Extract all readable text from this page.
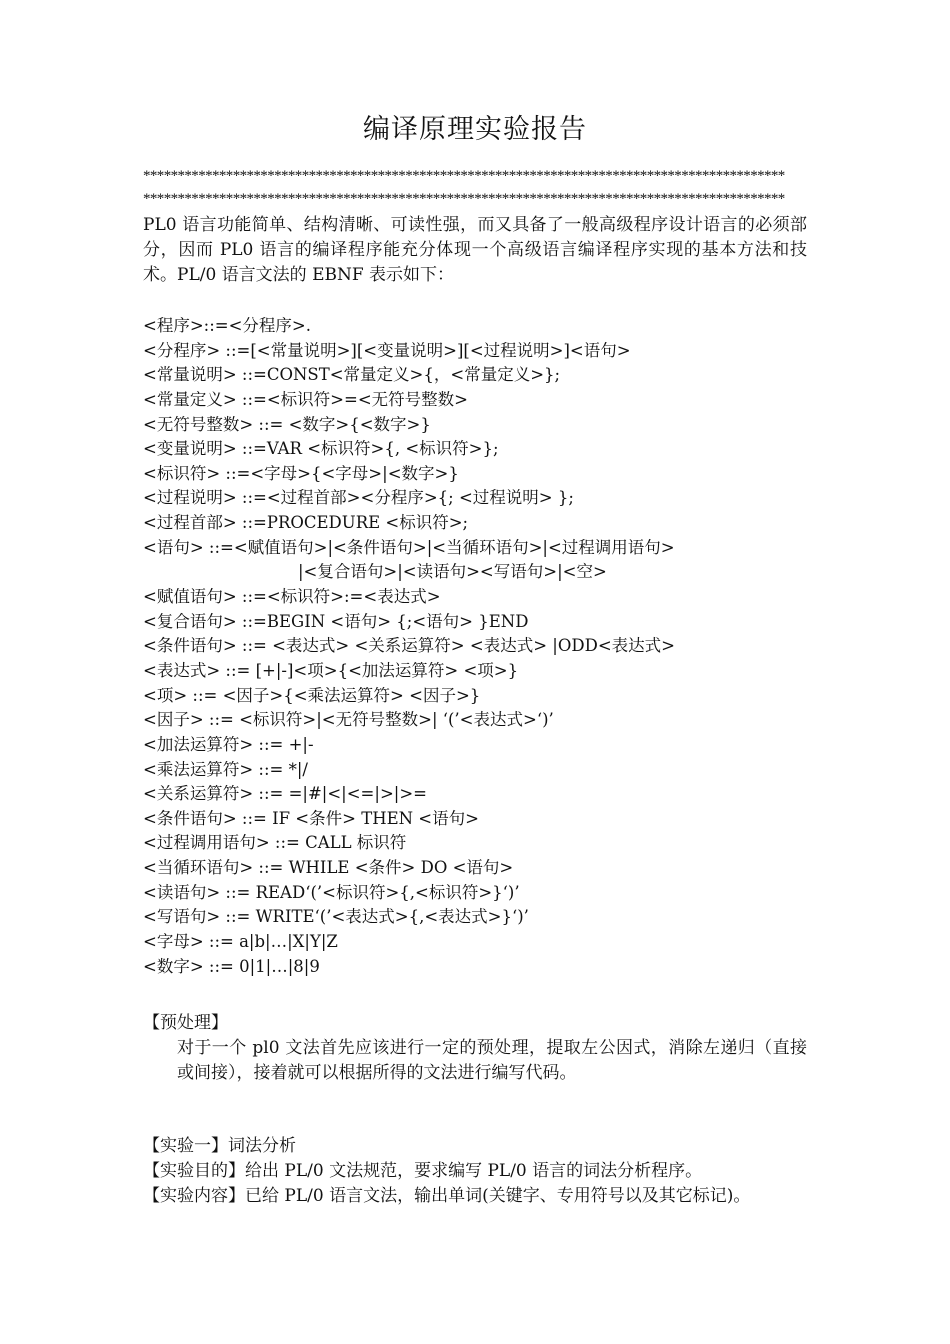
编译原理实验报告
*********************************************************************************************
*********************************************************************************************
PL0 语言功能简单、结构清晰、可读性强，而又具备了一般高级程序设计语言的必须部分，因而 PL0 语言的编译程序能充分体现一个高级语言编译程序实现的基本方法和技术。PL/0 语言文法的 EBNF 表示如下：
<程序>::=<分程序>.
<分程序> ::=[<常量说明>][<变量说明>][<过程说明>]<语句>
<常量说明> ::=CONST<常量定义>{，<常量定义>};
<常量定义> ::=<标识符>=<无符号整数>
<无符号整数> ::= <数字>{<数字>}
<变量说明> ::=VAR <标识符>{, <标识符>};
<标识符> ::=<字母>{<字母>|<数字>}
<过程说明> ::=<过程首部><分程序>{; <过程说明> };
<过程首部> ::=PROCEDURE <标识符>;
<语句> ::=<赋值语句>|<条件语句>|<当循环语句>|<过程调用语句>
|<复合语句>|<读语句><写语句>|<空>
<赋值语句> ::=<标识符>:=<表达式>
<复合语句> ::=BEGIN <语句> {;<语句> }END
<条件语句> ::= <表达式> <关系运算符> <表达式> |ODD<表达式>
<表达式> ::= [+|-]<项>{<加法运算符> <项>}
<项> ::= <因子>{<乘法运算符> <因子>}
<因子> ::= <标识符>|<无符号整数>| ‘(’<表达式>‘)’
<加法运算符> ::= +|-
<乘法运算符> ::= *|/
<关系运算符> ::= =|#|<|<=|>|>=
<条件语句> ::= IF <条件> THEN <语句>
<过程调用语句> ::= CALL 标识符
<当循环语句> ::= WHILE <条件> DO <语句>
<读语句> ::= READ‘(’<标识符>{,<标识符>}‘)’
<写语句> ::= WRITE‘(’<表达式>{,<表达式>}‘)’
<字母> ::= a|b|…|X|Y|Z
<数字> ::= 0|1|…|8|9
【预处理】
对于一个 pl0 文法首先应该进行一定的预处理，提取左公因式，消除左递归（直接或间接），接着就可以根据所得的文法进行编写代码。
【实验一】词法分析
【实验目的】给出 PL/0 文法规范，要求编写 PL/0 语言的词法分析程序。
【实验内容】已给 PL/0 语言文法，输出单词(关键字、专用符号以及其它标记)。
